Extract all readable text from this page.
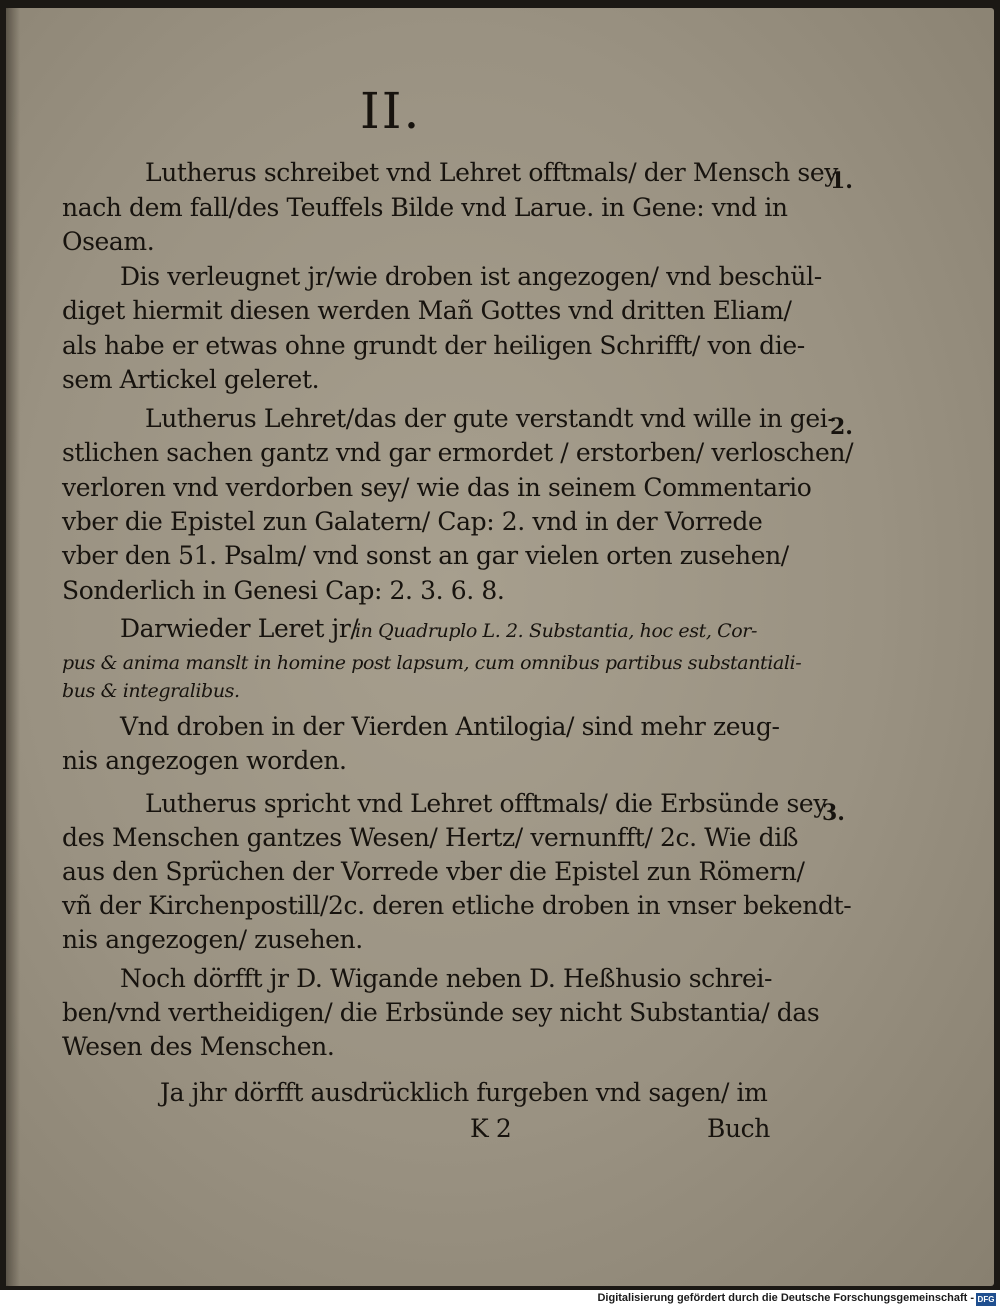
II.
Lutherus schreibet vnd Lehret offtmals/ der Mensch sey
nach dem fall/des Teuffels Bilde vnd Larue. in Gene: vnd in
Oseam.
Dis verleugnet jr/wie droben ist angezogen/ vnd beschül-
diget hiermit diesen werden Mañ Gottes vnd dritten Eliam/
als habe er etwas ohne grundt der heiligen Schrifft/ von die-
sem Artickel geleret.
Lutherus Lehret/das der gute verstandt vnd wille in gei-
stlichen sachen gantz vnd gar ermordet / erstorben/ verloschen/
verloren vnd verdorben sey/ wie das in seinem Commentario
vber die Epistel zun Galatern/ Cap: 2. vnd in der Vorrede
vber den 51. Psalm/ vnd sonst an gar vielen orten zusehen/
Sonderlich in Genesi Cap: 2. 3. 6. 8.
Darwieder Leret jr/
in Quadruplo L. 2. Substantia, hoc est, Cor-
pus & anima manslt in homine post lapsum, cum omnibus partibus substantiali-
bus & integralibus.
Vnd droben in der Vierden Antilogia/ sind mehr zeug-
nis angezogen worden.
Lutherus spricht vnd Lehret offtmals/ die Erbsünde sey
des Menschen gantzes Wesen/ Hertz/ vernunfft/ 2c. Wie diß
aus den Sprüchen der Vorrede vber die Epistel zun Römern/
vñ der Kirchenpostill/2c. deren etliche droben in vnser bekendt-
nis angezogen/ zusehen.
Noch dörfft jr D. Wigande neben D. Heßhusio schrei-
ben/vnd vertheidigen/ die Erbsünde sey nicht Substantia/ das
Wesen des Menschen.
Ja jhr dörfft ausdrücklich furgeben vnd sagen/ im
K 2	Buch
1.
2.
3.
Digitalisierung gefördert durch die Deutsche Forschungsgemeinschaft - DFG
